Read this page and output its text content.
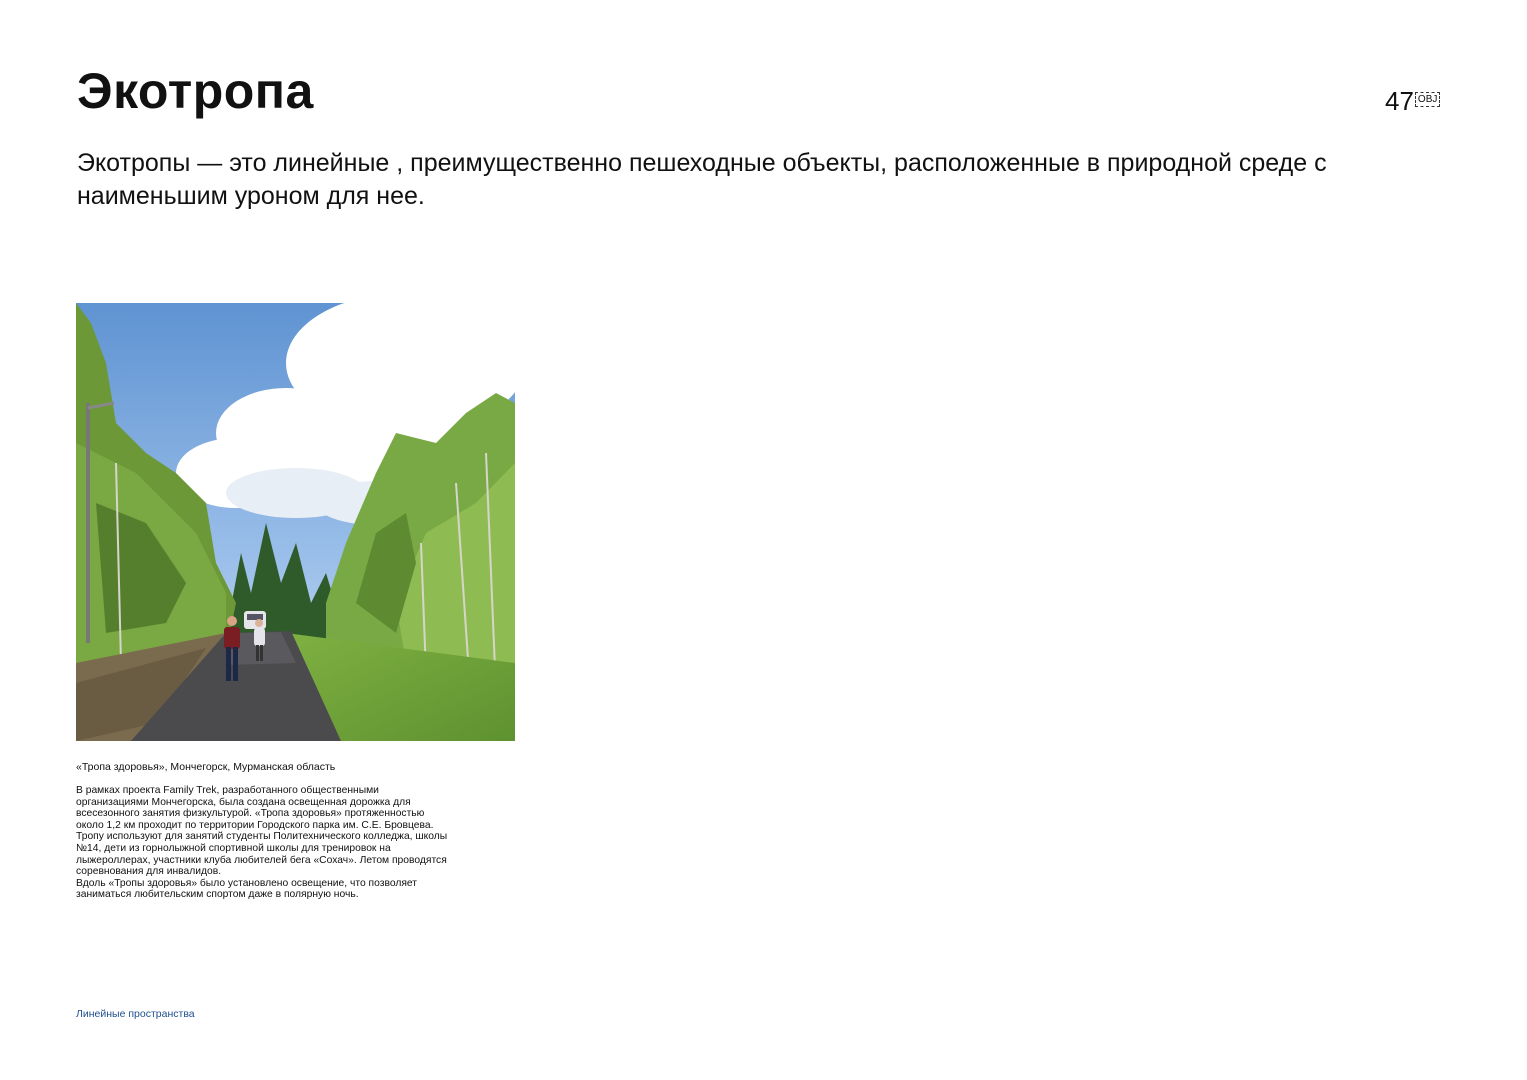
Экотропа	47 OBJ

Экотропы — это линейные , преимущественно пешеходные объекты, расположенные в природной среде с наименьшим уроном для нее.

«Тропа здоровья», Мончегорск, Мурманская область

В рамках проекта Family Trek, разработанного общественными
организациями Мончегорска, была создана освещенная дорожка для
всесезонного занятия физкультурой. «Тропа здоровья» протяженностью
около 1,2 км проходит по территории Городского парка им. С.Е. Бровцева.
Тропу используют для занятий студенты Политехнического колледжа, школы
№14, дети из горнолыжной спортивной школы для тренировок на
лыжероллерах, участники клуба любителей бега «Сохач». Летом проводятся
соревнования для инвалидов.
Вдоль «Тропы здоровья» было установлено освещение, что позволяет
заниматься любительским спортом даже в полярную ночь.
Линейные пространства
